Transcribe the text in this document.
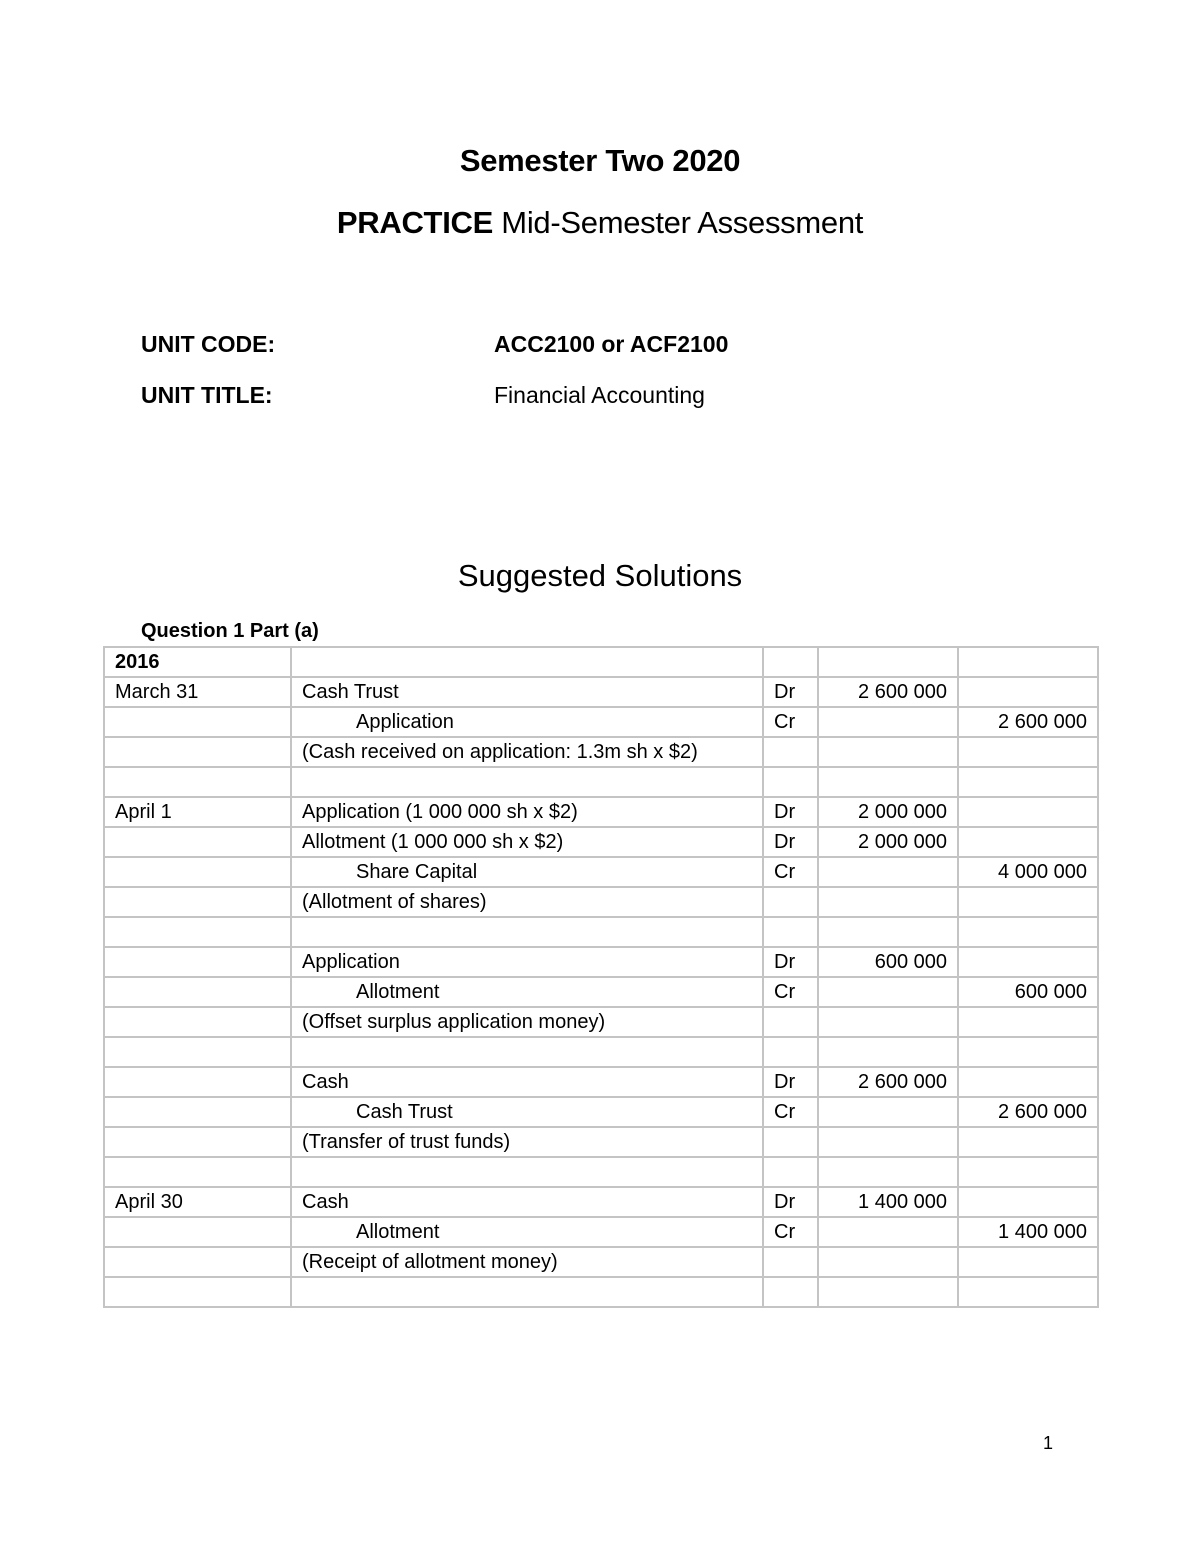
Semester Two 2020
PRACTICE Mid-Semester Assessment
UNIT CODE:	ACC2100 or ACF2100
UNIT TITLE:	Financial Accounting
Suggested Solutions
Question 1 Part (a)
2016				
March 31	Cash Trust	Dr	2 600 000	
	Application	Cr		2 600 000
	(Cash received on application: 1.3m sh x $2)			

April 1	Application (1 000 000 sh x $2)	Dr	2 000 000	
	Allotment (1 000 000 sh x $2)	Dr	2 000 000	
	Share Capital	Cr		4 000 000
	(Allotment of shares)			

	Application	Dr	600 000	
	Allotment	Cr		600 000
	(Offset surplus application money)			

	Cash	Dr	2 600 000	
	Cash Trust	Cr		2 600 000
	(Transfer of trust funds)			

April 30	Cash	Dr	1 400 000	
	Allotment	Cr		1 400 000
	(Receipt of allotment money)			

1
